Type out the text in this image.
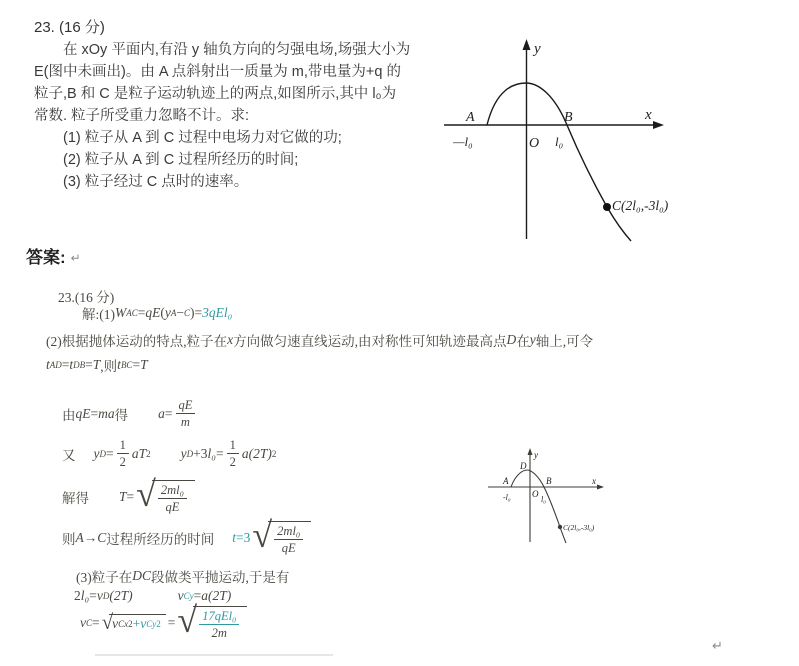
23. (16 分)
在 xOy 平面内,有沿 y 轴负方向的匀强电场,场强大小为
E(图中未画出)。由 A 点斜射出一质量为 m,带电量为+q 的
粒子,B 和 C 是粒子运动轨迹上的两点,如图所示,其中 l₀为
常数. 粒子所受重力忽略不计。求:
(1) 粒子从 A 到 C 过程中电场力对它做的功;
(2) 粒子从 A 到 C 过程所经历的时间;
(3) 粒子经过 C 点时的速率。
y
x
A	B
—l₀	O l₀
C(2l₀,-3l₀)
答案: ↵
23.(16 分)
解:(1) W AC = qE ( y A − C ) = 3qEl₀
(2)根据抛体运动的特点,粒子在 x 方向做匀速直线运动,由对称性可知轨迹最高点 D 在 y 轴上,可令
t AD = t DB = T ,则 t BC = T
由 qE = ma 得 $a = \frac{qE}{m}$
又 y $D = \frac{1}{2}$ aT 2 y D +3 $l_0 = \frac{1}{2} a(2T)$ 2
解得 T = √ $\frac{\text{2ml₀}}{qE}$
则 A → C 过程所经历的时间 t =3 √ $\frac{\text{2ml₀}}{qE}$
(3)粒子在 DC 段做类平抛运动,于是有
2 l₀ = v D (2T)	v Cy = a (2T)
v C = √ v Cx 2 + v Cy 2 = √ $\frac{\text{17qEl₀}}{2m}$
y
x
A
D
B
O
-l₀	l₀
C(2l₀,-3l₀)
↵
